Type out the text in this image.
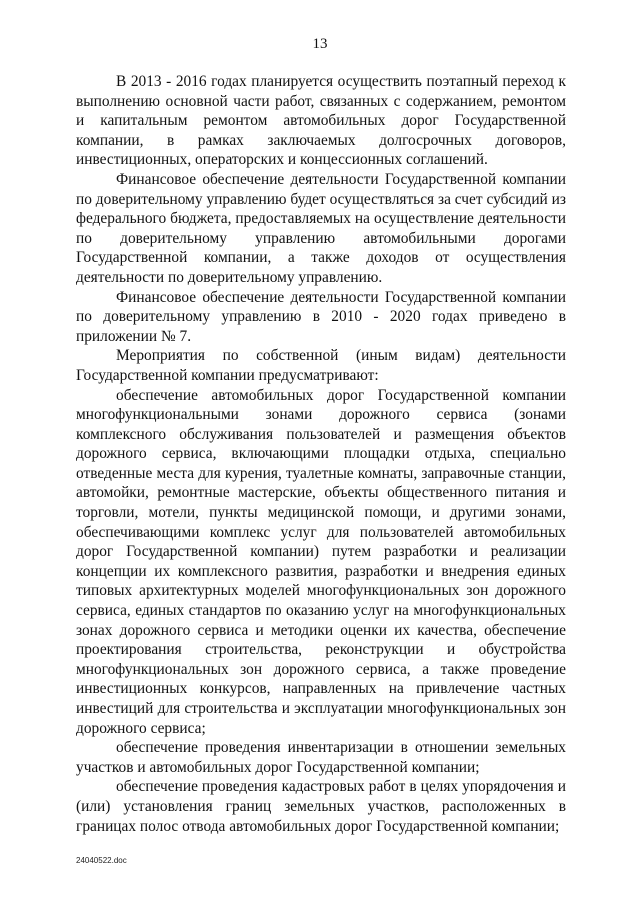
13

В 2013 - 2016 годах планируется осуществить поэтапный переход к выполнению основной части работ, связанных с содержанием, ремонтом и капитальным ремонтом автомобильных дорог Государственной компании, в рамках заключаемых долгосрочных договоров, инвестиционных, операторских и концессионных соглашений.

Финансовое обеспечение деятельности Государственной компании по доверительному управлению будет осуществляться за счет субсидий из федерального бюджета, предоставляемых на осуществление деятельности по доверительному управлению автомобильными дорогами Государственной компании, а также доходов от осуществления деятельности по доверительному управлению.

Финансовое обеспечение деятельности Государственной компании по доверительному управлению в 2010 - 2020 годах приведено в приложении № 7.

Мероприятия по собственной (иным видам) деятельности Государственной компании предусматривают:

обеспечение автомобильных дорог Государственной компании многофункциональными зонами дорожного сервиса (зонами комплексного обслуживания пользователей и размещения объектов дорожного сервиса, включающими площадки отдыха, специально отведенные места для курения, туалетные комнаты, заправочные станции, автомойки, ремонтные мастерские, объекты общественного питания и торговли, мотели, пункты медицинской помощи, и другими зонами, обеспечивающими комплекс услуг для пользователей автомобильных дорог Государственной компании) путем разработки и реализации концепции их комплексного развития, разработки и внедрения единых типовых архитектурных моделей многофункциональных зон дорожного сервиса, единых стандартов по оказанию услуг на многофункциональных зонах дорожного сервиса и методики оценки их качества, обеспечение проектирования строительства, реконструкции и обустройства многофункциональных зон дорожного сервиса, а также проведение инвестиционных конкурсов, направленных на привлечение частных инвестиций для строительства и эксплуатации многофункциональных зон дорожного сервиса;

обеспечение проведения инвентаризации в отношении земельных участков и автомобильных дорог Государственной компании;

обеспечение проведения кадастровых работ в целях упорядочения и (или) установления границ земельных участков, расположенных в границах полос отвода автомобильных дорог Государственной компании;

24040522.doc
